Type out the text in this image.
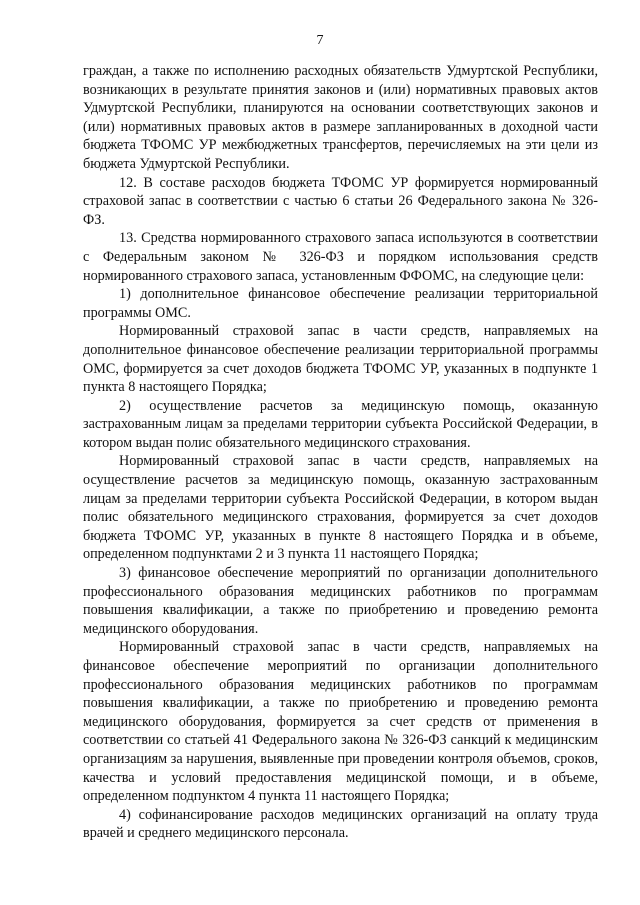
7

граждан, а также по исполнению расходных обязательств Удмуртской Республики, возникающих в результате принятия законов и (или) нормативных правовых актов Удмуртской Республики, планируются на основании соответствующих законов и (или) нормативных правовых актов в размере запланированных в доходной части бюджета ТФОМС УР межбюджетных трансфертов, перечисляемых на эти цели из бюджета Удмуртской Республики.

12. В составе расходов бюджета ТФОМС УР формируется нормированный страховой запас в соответствии с частью 6 статьи 26 Федерального закона № 326-ФЗ.

13. Средства нормированного страхового запаса используются в соответствии с Федеральным законом № 326-ФЗ и порядком использования средств нормированного страхового запаса, установленным ФФОМС, на следующие цели:

1) дополнительное финансовое обеспечение реализации территориальной программы ОМС.

Нормированный страховой запас в части средств, направляемых на дополнительное финансовое обеспечение реализации территориальной программы ОМС, формируется за счет доходов бюджета ТФОМС УР, указанных в подпункте 1 пункта 8 настоящего Порядка;

2) осуществление расчетов за медицинскую помощь, оказанную застрахованным лицам за пределами территории субъекта Российской Федерации, в котором выдан полис обязательного медицинского страхования.

Нормированный страховой запас в части средств, направляемых на осуществление расчетов за медицинскую помощь, оказанную застрахованным лицам за пределами территории субъекта Российской Федерации, в котором выдан полис обязательного медицинского страхования, формируется за счет доходов бюджета ТФОМС УР, указанных в пункте 8 настоящего Порядка и в объеме, определенном подпунктами 2 и 3 пункта 11 настоящего Порядка;

3) финансовое обеспечение мероприятий по организации дополнительного профессионального образования медицинских работников по программам повышения квалификации, а также по приобретению и проведению ремонта медицинского оборудования.

Нормированный страховой запас в части средств, направляемых на финансовое обеспечение мероприятий по организации дополнительного профессионального образования медицинских работников по программам повышения квалификации, а также по приобретению и проведению ремонта медицинского оборудования, формируется за счет средств от применения в соответствии со статьей 41 Федерального закона № 326-ФЗ санкций к медицинским организациям за нарушения, выявленные при проведении контроля объемов, сроков, качества и условий предоставления медицинской помощи, и в объеме, определенном подпунктом 4 пункта 11 настоящего Порядка;

4) софинансирование расходов медицинских организаций на оплату труда врачей и среднего медицинского персонала.
